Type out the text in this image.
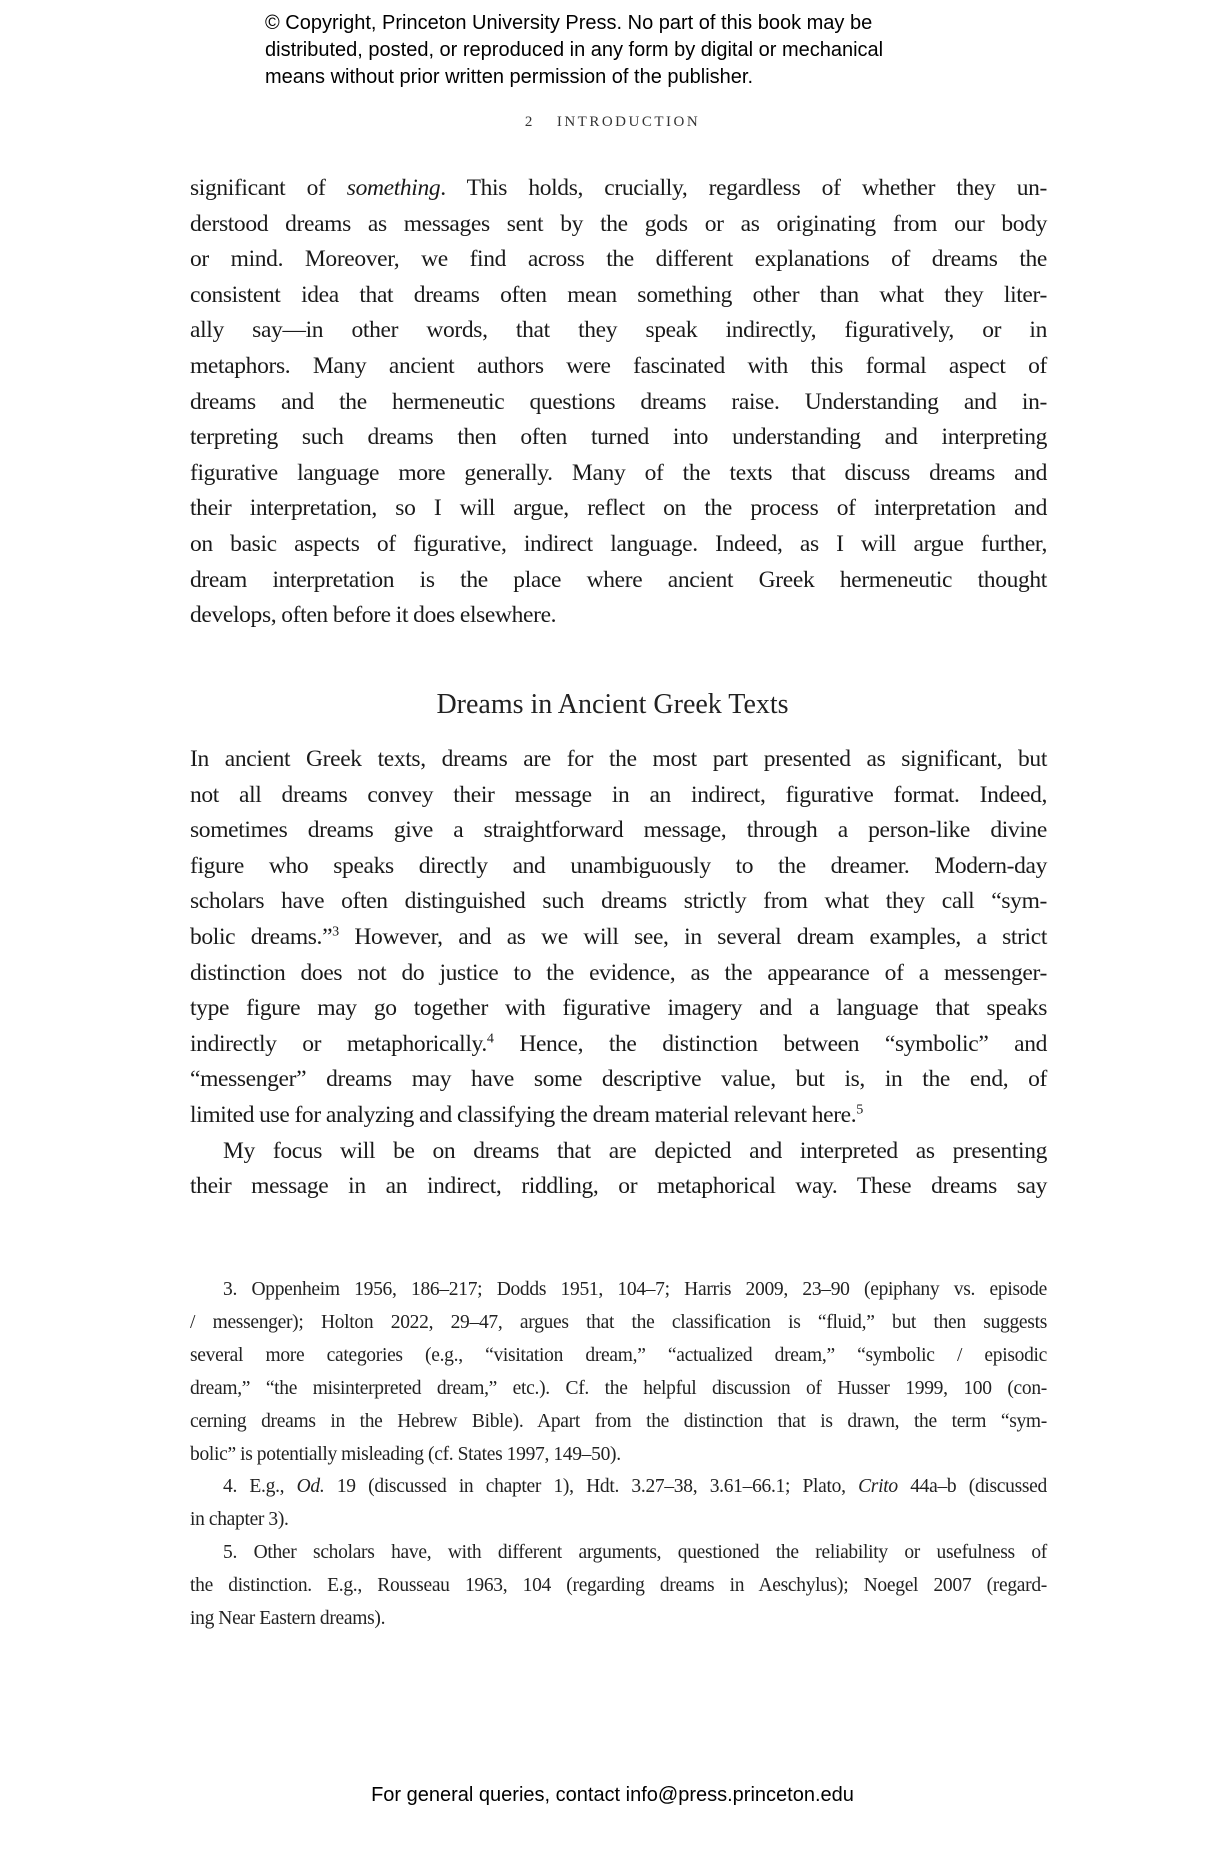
© Copyright, Princeton University Press. No part of this book may be
distributed, posted, or reproduced in any form by digital or mechanical
means without prior written permission of the publisher.
2 INTRODUCTION
significant of something. This holds, crucially, regardless of whether they un-
derstood dreams as messages sent by the gods or as originating from our body
or mind. Moreover, we find across the different explanations of dreams the
consistent idea that dreams often mean something other than what they liter-
ally say—in other words, that they speak indirectly, figuratively, or in
metaphors. Many ancient authors were fascinated with this formal aspect of
dreams and the hermeneutic questions dreams raise. Understanding and in-
terpreting such dreams then often turned into understanding and interpreting
figurative language more generally. Many of the texts that discuss dreams and
their interpretation, so I will argue, reflect on the process of interpretation and
on basic aspects of figurative, indirect language. Indeed, as I will argue further,
dream interpretation is the place where ancient Greek hermeneutic thought
develops, often before it does elsewhere.
Dreams in Ancient Greek Texts
In ancient Greek texts, dreams are for the most part presented as significant, but
not all dreams convey their message in an indirect, figurative format. Indeed,
sometimes dreams give a straightforward message, through a person-like divine
figure who speaks directly and unambiguously to the dreamer. Modern-day
scholars have often distinguished such dreams strictly from what they call “sym-
bolic dreams.”$^3$ However, and as we will see, in several dream examples, a strict
distinction does not do justice to the evidence, as the appearance of a messenger-
type figure may go together with figurative imagery and a language that speaks
indirectly or metaphorically.$^4$ Hence, the distinction between “symbolic” and
“messenger” dreams may have some descriptive value, but is, in the end, of
limited use for analyzing and classifying the dream material relevant here.$^5$
My focus will be on dreams that are depicted and interpreted as presenting
their message in an indirect, riddling, or metaphorical way. These dreams say
3. Oppenheim 1956, 186–217; Dodds 1951, 104–7; Harris 2009, 23–90 (epiphany vs. episode
/ messenger); Holton 2022, 29–47, argues that the classification is “fluid,” but then suggests
several more categories (e.g., “visitation dream,” “actualized dream,” “symbolic / episodic
dream,” “the misinterpreted dream,” etc.). Cf. the helpful discussion of Husser 1999, 100 (con-
cerning dreams in the Hebrew Bible). Apart from the distinction that is drawn, the term “sym-
bolic” is potentially misleading (cf. States 1997, 149–50).
4. E.g., Od. 19 (discussed in chapter 1), Hdt. 3.27–38, 3.61–66.1; Plato, Crito 44a–b (discussed
in chapter 3).
5. Other scholars have, with different arguments, questioned the reliability or usefulness of
the distinction. E.g., Rousseau 1963, 104 (regarding dreams in Aeschylus); Noegel 2007 (regard-
ing Near Eastern dreams).
For general queries, contact info@press.princeton.edu
